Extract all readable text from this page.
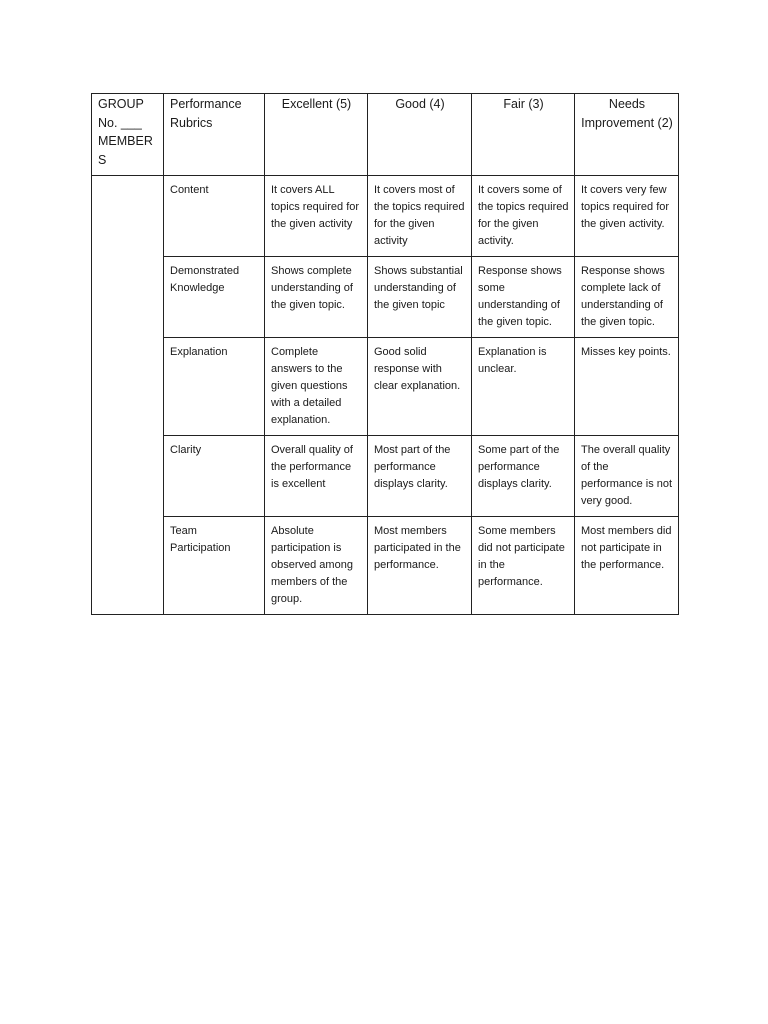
GROUP
No. ___
MEMBERS	Performance Rubrics	Excellent (5)	Good (4)	Fair (3)	Needs Improvement (2)
	Content	It covers ALL topics required for the given activity	It covers most of the topics required for the given activity	It covers some of the topics required for the given activity.	It covers very few topics required for the given activity.
	Demonstrated Knowledge	Shows complete understanding of the given topic.	Shows substantial understanding of the given topic	Response shows some understanding of the given topic.	Response shows complete lack of understanding of the given topic.
	Explanation	Complete answers to the given questions with a detailed explanation.	Good solid response with clear explanation.	Explanation is unclear.	Misses key points.
	Clarity	Overall quality of the performance is excellent	Most part of the performance displays clarity.	Some part of the performance displays clarity.	The overall quality of the performance is not very good.
	Team Participation	Absolute participation is observed among members of the group.	Most members participated in the performance.	Some members did not participate in the performance.	Most members did not participate in the performance.
